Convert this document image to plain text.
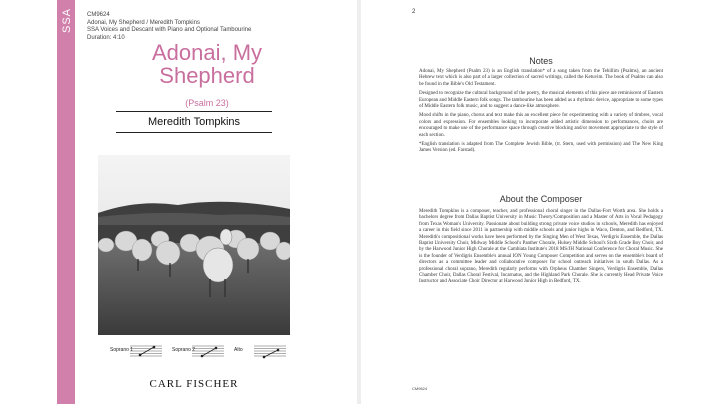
SSA CM9624
Adonai, My Shepherd / Meredith Tompkins
SSA Voices and Descant with Piano and Optional Tambourine
Duration: 4:10
Adonai, My
Shepherd
(Psalm 23)
Meredith Tompkins
Soprano 1	Soprano 2	Alto
CARL FISCHER
2
Notes

Adonai, My Shepherd (Psalm 23) is an English translation* of a song taken from the Tehillim (Psalms), an ancient Hebrew text which is also part of a larger collection of sacred writings, called the Ketuvim. The book of Psalms can also be found in the Bible's Old Testament.

Designed to recognize the cultural background of the poetry, the musical elements of this piece are reminiscent of Eastern European and Middle Eastern folk songs. The tambourine has been added as a rhythmic device, appropriate to some types of Middle Eastern folk music, and to suggest a dance-like atmosphere.

Mood shifts in the piano, chorus and text make this an excellent piece for experimenting with a variety of timbres, vocal colors and expression. For ensembles looking to incorporate added artistic dimension to performances, choirs are encouraged to make use of the performance space through creative blocking and/or movement appropriate to the style of each section.

*English translation is adapted from The Complete Jewish Bible, (tr. Stern, used with permission) and The New King James Version (ed. Farstad).

About the Composer

Meredith Tompkins is a composer, teacher, and professional choral singer in the Dallas-Fort Worth area. She holds a bachelors degree from Dallas Baptist University in Music Theory/Composition and a Master of Arts in Vocal Pedagogy from Texas Woman's University. Passionate about building strong private voice studios in schools, Meredith has enjoyed a career in this field since 2011 in partnership with middle schools and junior highs in Waco, Denton, and Bedford, TX. Meredith's compositional works have been performed by the Singing Men of West Texas, Verdigris Ensemble, the Dallas Baptist University Choir, Midway Middle School's Panther Chorale, Hulsey Middle School's Sixth Grade Boy Choir, and by the Harwood Junior High Chorale at the Cambiata Institute's 2018 MS/JH National Conference for Choral Music. She is the founder of Verdigris Ensemble's annual ION Young Composer Competition and serves on the ensemble's board of directors as a committee leader and collaborative composer for school outreach initiatives in south Dallas. As a professional choral soprano, Meredith regularly performs with Orpheus Chamber Singers, Verdigris Ensemble, Dallas Chamber Choir, Dallas Choral Festival, Incarnatus, and the Highland Park Chorale. She is currently Head Private Voice Instructor and Associate Choir Director at Harwood Junior High in Bedford, TX.

CM9624
